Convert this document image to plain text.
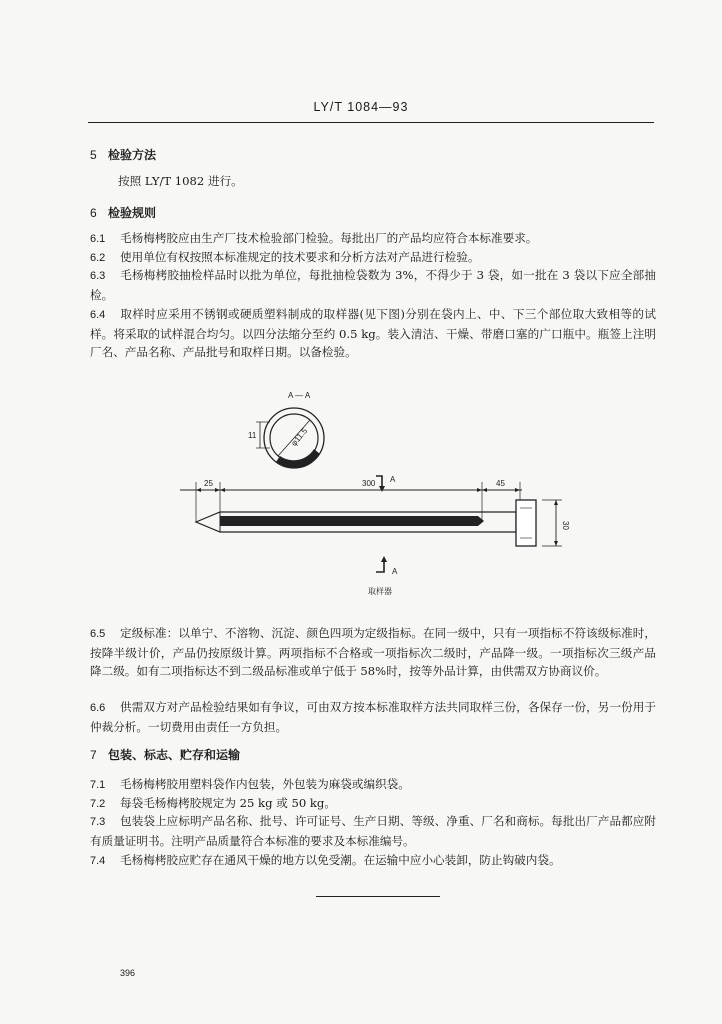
LY/T 1084—93
5 检验方法
按照 LY/T 1082 进行。
6 检验规则
6.1 毛杨梅栲胶应由生产厂技术检验部门检验。每批出厂的产品均应符合本标准要求。
6.2 使用单位有权按照本标准规定的技术要求和分析方法对产品进行检验。
6.3 毛杨梅栲胶抽检样品时以批为单位，每批抽检袋数为 3%，不得少于 3 袋，如一批在 3 袋以下应全部抽检。
6.4 取样时应采用不锈钢或硬质塑料制成的取样器(见下图)分别在袋内上、中、下三个部位取大致相等的试样。将采取的试样混合均匀。以四分法缩分至约 0.5 kg。装入清洁、干燥、带磨口塞的广口瓶中。瓶签上注明厂名、产品名称、产品批号和取样日期。以备检验。
A — A
φ11.5
11
A
25	300	45
30
A
取样器
6.5 定级标准：以单宁、不溶物、沉淀、颜色四项为定级指标。在同一级中，只有一项指标不符该级标准时，按降半级计价，产品仍按原级计算。两项指标不合格或一项指标次二级时，产品降一级。一项指标次三级产品降二级。如有二项指标达不到二级品标准或单宁低于 58%时，按等外品计算，由供需双方协商议价。
6.6 供需双方对产品检验结果如有争议，可由双方按本标准取样方法共同取样三份，各保存一份，另一份用于仲裁分析。一切费用由责任一方负担。
7 包装、标志、贮存和运输
7.1 毛杨梅栲胶用塑料袋作内包装，外包装为麻袋或编织袋。
7.2 每袋毛杨梅栲胶规定为 25 kg 或 50 kg。
7.3 包装袋上应标明产品名称、批号、许可证号、生产日期、等级、净重、厂名和商标。每批出厂产品都应附有质量证明书。注明产品质量符合本标准的要求及本标准编号。
7.4 毛杨梅栲胶应贮存在通风干燥的地方以免受潮。在运输中应小心装卸，防止钩破内袋。
396
